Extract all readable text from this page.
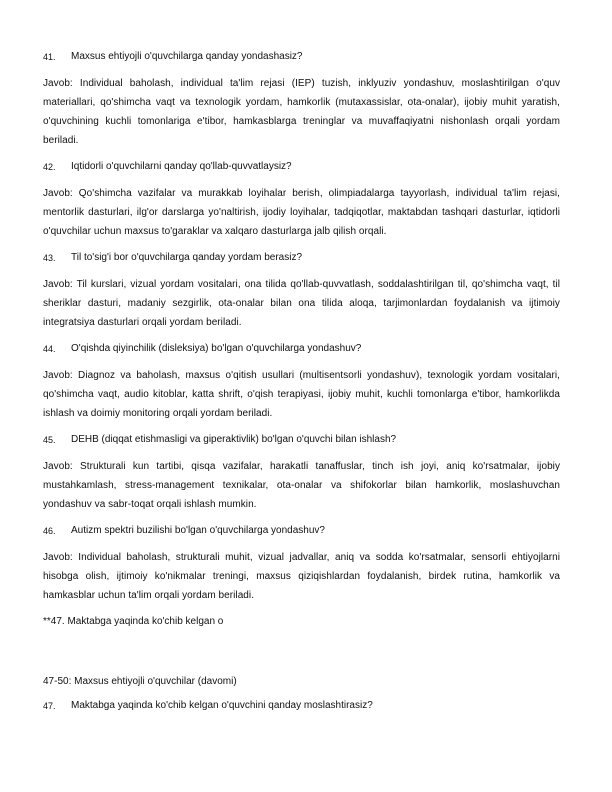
41.	Maxsus ehtiyojli o'quvchilarga qanday yondashasiz?

Javob: Individual baholash, individual ta'lim rejasi (IEP) tuzish, inklyuziv yondashuv, moslashtirilgan o'quv materiallari, qo'shimcha vaqt va texnologik yordam, hamkorlik (mutaxassislar, ota-onalar), ijobiy muhit yaratish, o'quvchining kuchli tomonlariga e'tibor, hamkasblarga treninglar va muvaffaqiyatni nishonlash orqali yordam beriladi.

42.	Iqtidorli o'quvchilarni qanday qo'llab-quvvatlaysiz?

Javob: Qo'shimcha vazifalar va murakkab loyihalar berish, olimpiadalarga tayyorlash, individual ta'lim rejasi, mentorlik dasturlari, ilg'or darslarga yo'naltirish, ijodiy loyihalar, tadqiqotlar, maktabdan tashqari dasturlar, iqtidorli o'quvchilar uchun maxsus to'garaklar va xalqaro dasturlarga jalb qilish orqali.

43.	Til to'sig'i bor o'quvchilarga qanday yordam berasiz?

Javob: Til kurslari, vizual yordam vositalari, ona tilida qo'llab-quvvatlash, soddalashtirilgan til, qo'shimcha vaqt, til sheriklar dasturi, madaniy sezgirlik, ota-onalar bilan ona tilida aloqa, tarjimonlardan foydalanish va ijtimoiy integratsiya dasturlari orqali yordam beriladi.

44.	O'qishda qiyinchilik (disleksiya) bo'lgan o'quvchilarga yondashuv?

Javob: Diagnoz va baholash, maxsus o'qitish usullari (multisentsorli yondashuv), texnologik yordam vositalari, qo'shimcha vaqt, audio kitoblar, katta shrift, o'qish terapiyasi, ijobiy muhit, kuchli tomonlarga e'tibor, hamkorlikda ishlash va doimiy monitoring orqali yordam beriladi.

45.	DEHB (diqqat etishmasligi va giperaktivlik) bo'lgan o'quvchi bilan ishlash?

Javob: Strukturali kun tartibi, qisqa vazifalar, harakatli tanaffuslar, tinch ish joyi, aniq ko'rsatmalar, ijobiy mustahkamlash, stress-management texnikalar, ota-onalar va shifokorlar bilan hamkorlik, moslashuvchan yondashuv va sabr-toqat orqali ishlash mumkin.

46.	Autizm spektri buzilishi bo'lgan o'quvchilarga yondashuv?

Javob: Individual baholash, strukturali muhit, vizual jadvallar, aniq va sodda ko'rsatmalar, sensorli ehtiyojlarni hisobga olish, ijtimoiy ko'nikmalar treningi, maxsus qiziqishlardan foydalanish, birdek rutina, hamkorlik va hamkasblar uchun ta'lim orqali yordam beriladi.

**47. Maktabga yaqinda ko'chib kelgan o

47-50: Maxsus ehtiyojli o'quvchilar (davomi)

47.	Maktabga yaqinda ko'chib kelgan o'quvchini qanday moslashtirasiz?
